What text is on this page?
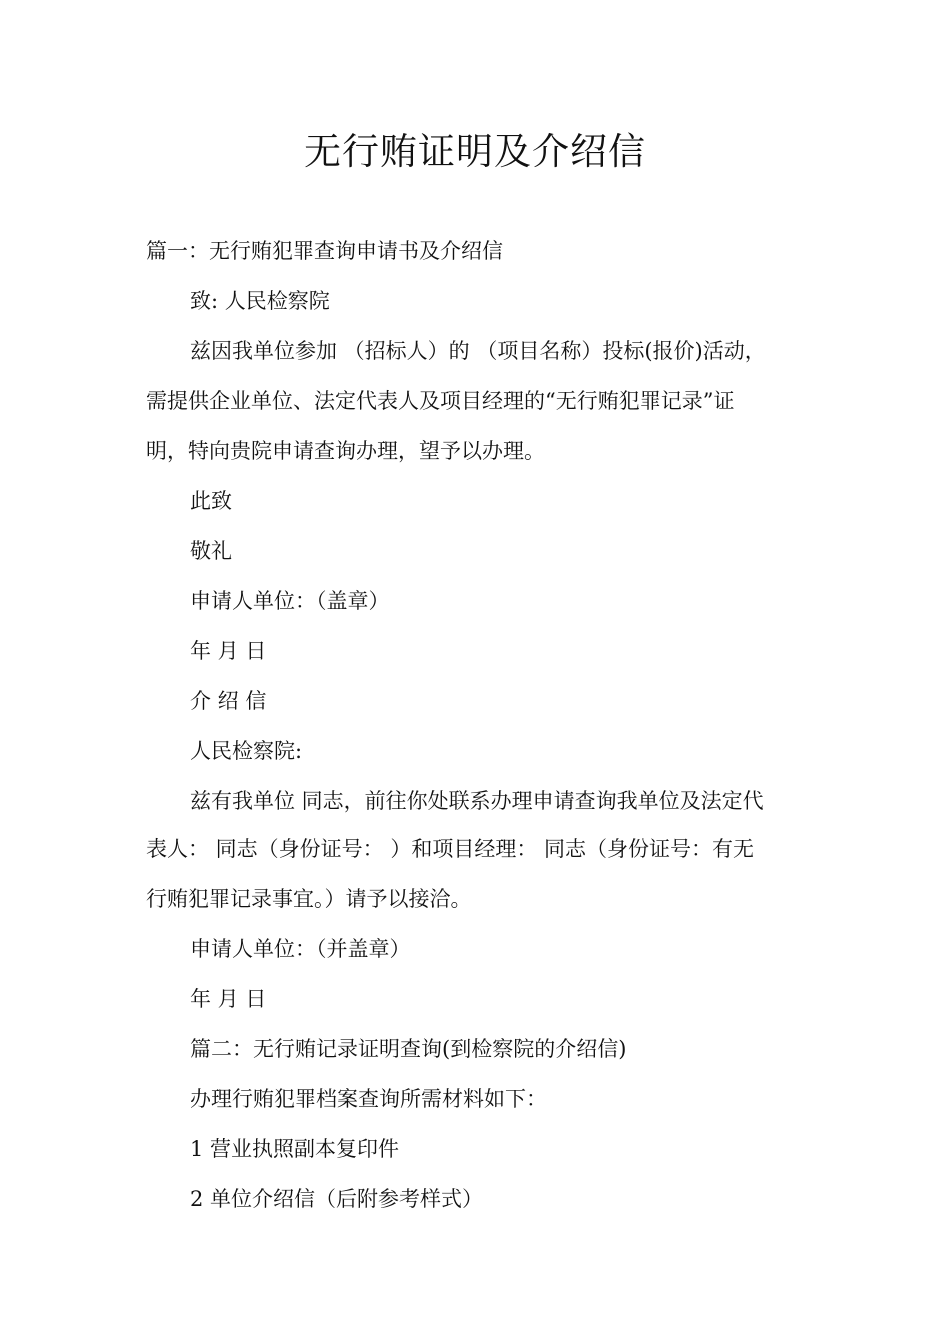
无行贿证明及介绍信

篇一：无行贿犯罪查询申请书及介绍信

致: 人民检察院

兹因我单位参加 （招标人）的 （项目名称）投标(报价)活动，

需提供企业单位、法定代表人及项目经理的“无行贿犯罪记录”证

明，特向贵院申请查询办理，望予以办理。

此致

敬礼

申请人单位：（盖章）

年 月 日

介 绍 信

人民检察院:

兹有我单位 同志，前往你处联系办理申请查询我单位及法定代

表人： 同志（身份证号： ）和项目经理： 同志（身份证号：有无

行贿犯罪记录事宜。）请予以接洽。

申请人单位：（并盖章）

年 月 日

篇二：无行贿记录证明查询(到检察院的介绍信)

办理行贿犯罪档案查询所需材料如下：

1 营业执照副本复印件

2 单位介绍信（后附参考样式）
